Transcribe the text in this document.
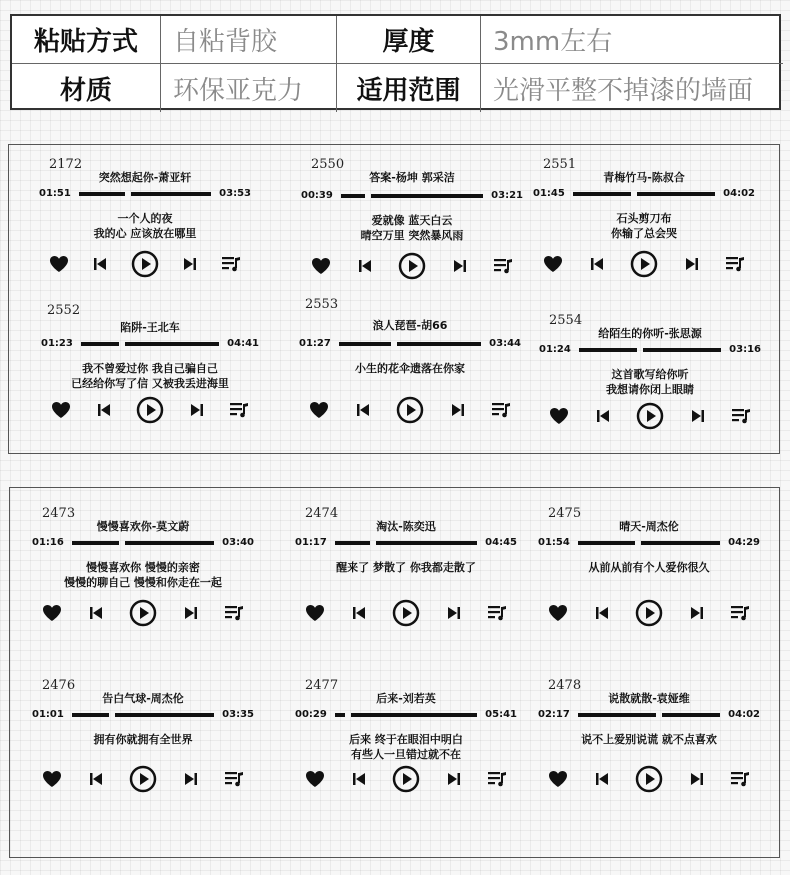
粘贴方式	自粘背胶	厚度	3mm左右
材质	环保亚克力	适用范围	光滑平整不掉漆的墙面
2172
突然想起你-萧亚轩
01:51	03:53
一个人的夜
我的心 应该放在哪里
2550
答案-杨坤 郭采洁
00:39	03:21
爱就像 蓝天白云
晴空万里 突然暴风雨
2551
青梅竹马-陈叔合
01:45	04:02
石头剪刀布
你输了总会哭
2552
陷阱-王北车
01:23	04:41
我不曾爱过你 我自己骗自己
已经给你写了信 又被我丢进海里
2553
浪人琵琶-胡66
01:27	03:44
小生的花伞遗落在你家
2554
给陌生的你听-张思源
01:24	03:16
这首歌写给你听
我想请你闭上眼睛
2473
慢慢喜欢你-莫文蔚
01:16	03:40
慢慢喜欢你 慢慢的亲密
慢慢的聊自己 慢慢和你走在一起
2474
淘汰-陈奕迅
01:17	04:45
醒来了 梦散了 你我都走散了
2475
晴天-周杰伦
01:54	04:29
从前从前有个人爱你很久
2476
告白气球-周杰伦
01:01	03:35
拥有你就拥有全世界
2477
后来-刘若英
00:29	05:41
后来 终于在眼泪中明白
有些人一旦错过就不在
2478
说散就散-袁娅维
02:17	04:02
说不上爱别说谎 就不点喜欢
